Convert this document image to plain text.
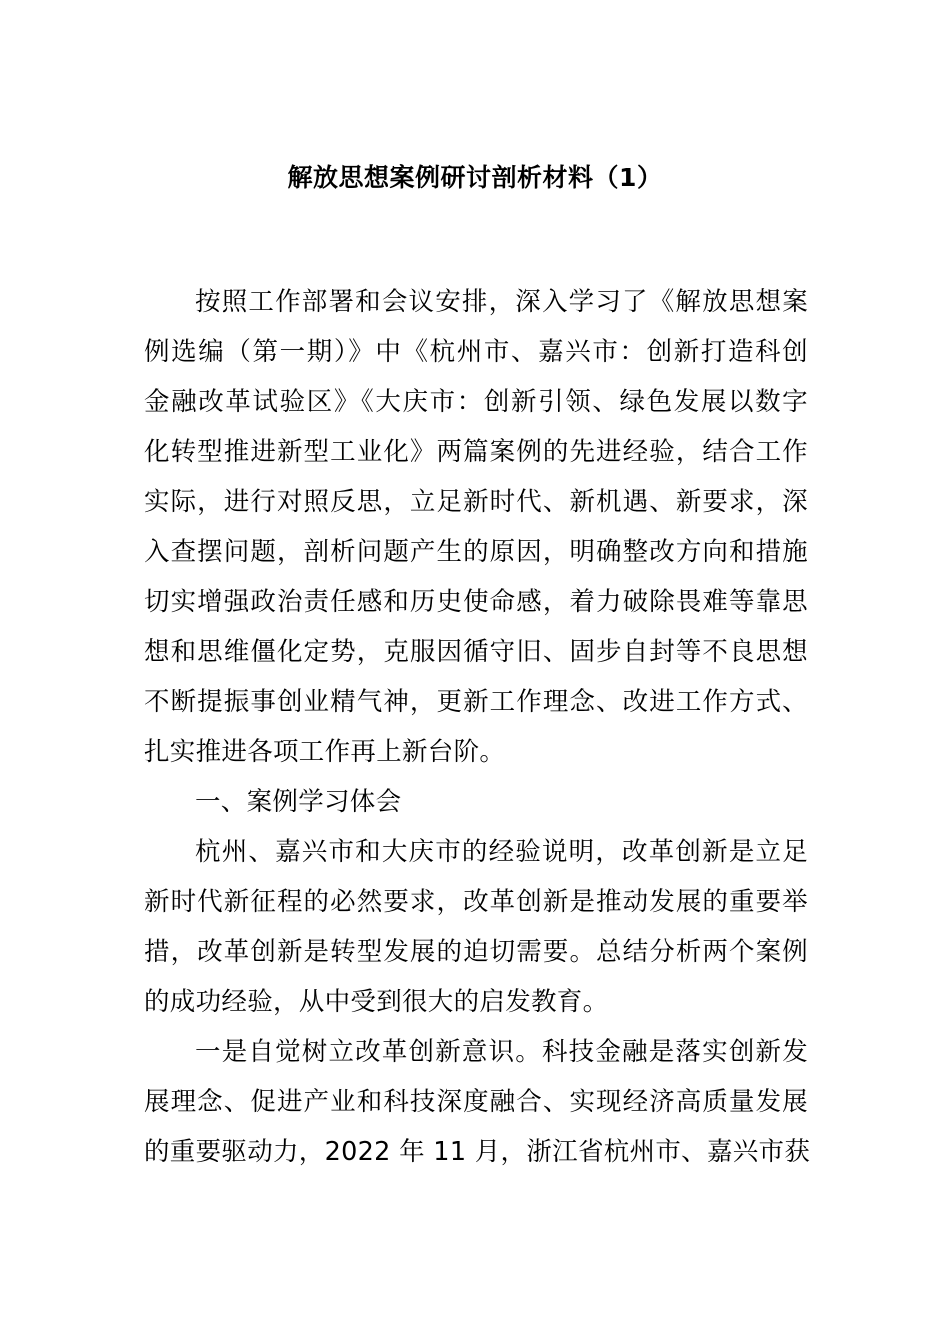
解放思想案例研讨剖析材料（1）
按照工作部署和会议安排，深入学习了《解放思想案
例选编（第一期）》中《杭州市、嘉兴市：创新打造科创
金融改革试验区》《大庆市：创新引领、绿色发展以数字
化转型推进新型工业化》两篇案例的先进经验，结合工作
实际，进行对照反思，立足新时代、新机遇、新要求，深
入查摆问题，剖析问题产生的原因，明确整改方向和措施
切实增强政治责任感和历史使命感，着力破除畏难等靠思
想和思维僵化定势，克服因循守旧、固步自封等不良思想
不断提振事创业精气神，更新工作理念、改进工作方式、
扎实推进各项工作再上新台阶。
一、案例学习体会
杭州、嘉兴市和大庆市的经验说明，改革创新是立足
新时代新征程的必然要求，改革创新是推动发展的重要举
措，改革创新是转型发展的迫切需要。总结分析两个案例
的成功经验，从中受到很大的启发教育。
一是自觉树立改革创新意识。科技金融是落实创新发
展理念、促进产业和科技深度融合、实现经济高质量发展
的重要驱动力，2022 年 11 月，浙江省杭州市、嘉兴市获
